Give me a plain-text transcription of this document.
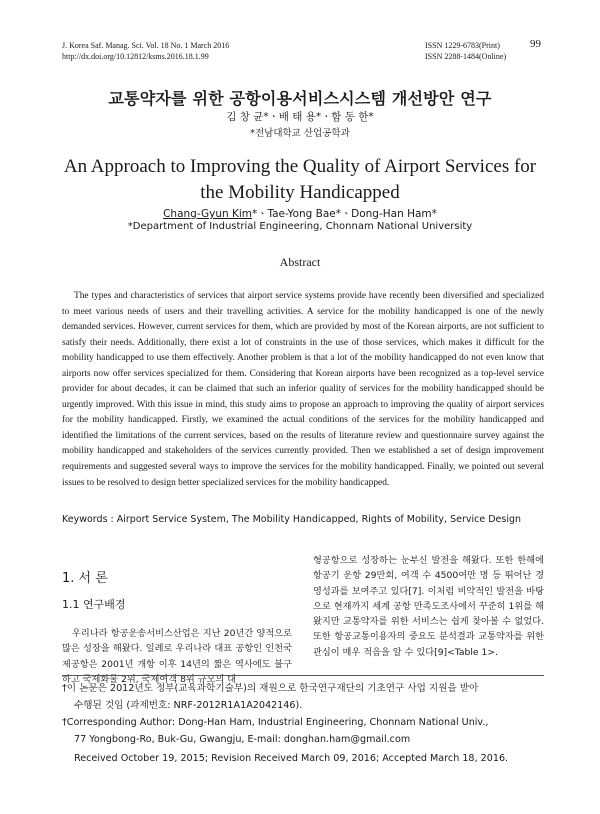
J. Korea Saf. Manag. Sci. Vol. 18 No. 1 March 2016
http://dx.doi.org/10.12812/ksms.2016.18.1.99
ISSN 1229-6783(Print)
ISSN 2288-1484(Online)
99
교통약자를 위한 공항이용서비스시스템 개선방안 연구
김 창 균*ㆍ배 태 용*ㆍ함 동 한*
*전남대학교 산업공학과
An Approach to Improving the Quality of Airport Services for
the Mobility Handicapped
Chang-Gyun Kim*ㆍTae-Yong Bae*ㆍDong-Han Ham*
*Department of Industrial Engineering, Chonnam National University
Abstract
The types and characteristics of services that airport service systems provide have recently been diversified and specialized to meet various needs of users and their travelling activities. A service for the mobility handicapped is one of the newly demanded services. However, current services for them, which are provided by most of the Korean airports, are not sufficient to satisfy their needs. Additionally, there exist a lot of constraints in the use of those services, which makes it difficult for the mobility handicapped to use them effectively. Another problem is that a lot of the mobility handicapped do not even know that airports now offer services specialized for them. Considering that Korean airports have been recognized as a top-level service provider for about decades, it can be claimed that such an inferior quality of services for the mobility handicapped should be urgently improved. With this issue in mind, this study aims to propose an approach to improving the quality of airport services for the mobility handicapped. Firstly, we examined the actual conditions of the services for the mobility handicapped and identified the limitations of the current services, based on the results of literature review and questionnaire survey against the mobility handicapped and stakeholders of the services currently provided. Then we established a set of design improvement requirements and suggested several ways to improve the services for the mobility handicapped. Finally, we pointed out several issues to be resolved to design better specialized services for the mobility handicapped.
Keywords : Airport Service System, The Mobility Handicapped, Rights of Mobility, Service Design
1. 서 론
1.1 연구배경
우리나라 항공운송서비스산업은 지난 20년간 양적으로 많은 성장을 해왔다. 일례로 우리나라 대표 공항인 인천국제공항은 2001년 개항 이후 14년의 짧은 역사에도 불구하고 국제화물 2위, 국제여객 8위 규모의 대
형공항으로 성장하는 눈부신 발전을 해왔다. 또한 한해에 항공기 운항 29만회, 여객 수 4500여만 명 등 뛰어난 경영성과를 보여주고 있다[7]. 이처럼 비약적인 발전을 바탕으로 현재까지 세계 공항 만족도조사에서 꾸준히 1위를 해왔지만 교통약자를 위한 서비스는 쉽게 찾아볼 수 없었다. 또한 항공교통이용자의 중요도 분석결과 교통약자를 위한 관심이 매우 적음을 알 수 있다[9]<Table 1>.
†이 논문은 2012년도 정부(교육과학기술부)의 재원으로 한국연구재단의 기초연구 사업 지원을 받아
수행된 것임 (과제번호: NRF-2012R1A1A2042146).
†Corresponding Author: Dong-Han Ham, Industrial Engineering, Chonnam National Univ.,
77 Yongbong-Ro, Buk-Gu, Gwangju, E-mail: donghan.ham@gmail.com
Received October 19, 2015; Revision Received March 09, 2016; Accepted March 18, 2016.
